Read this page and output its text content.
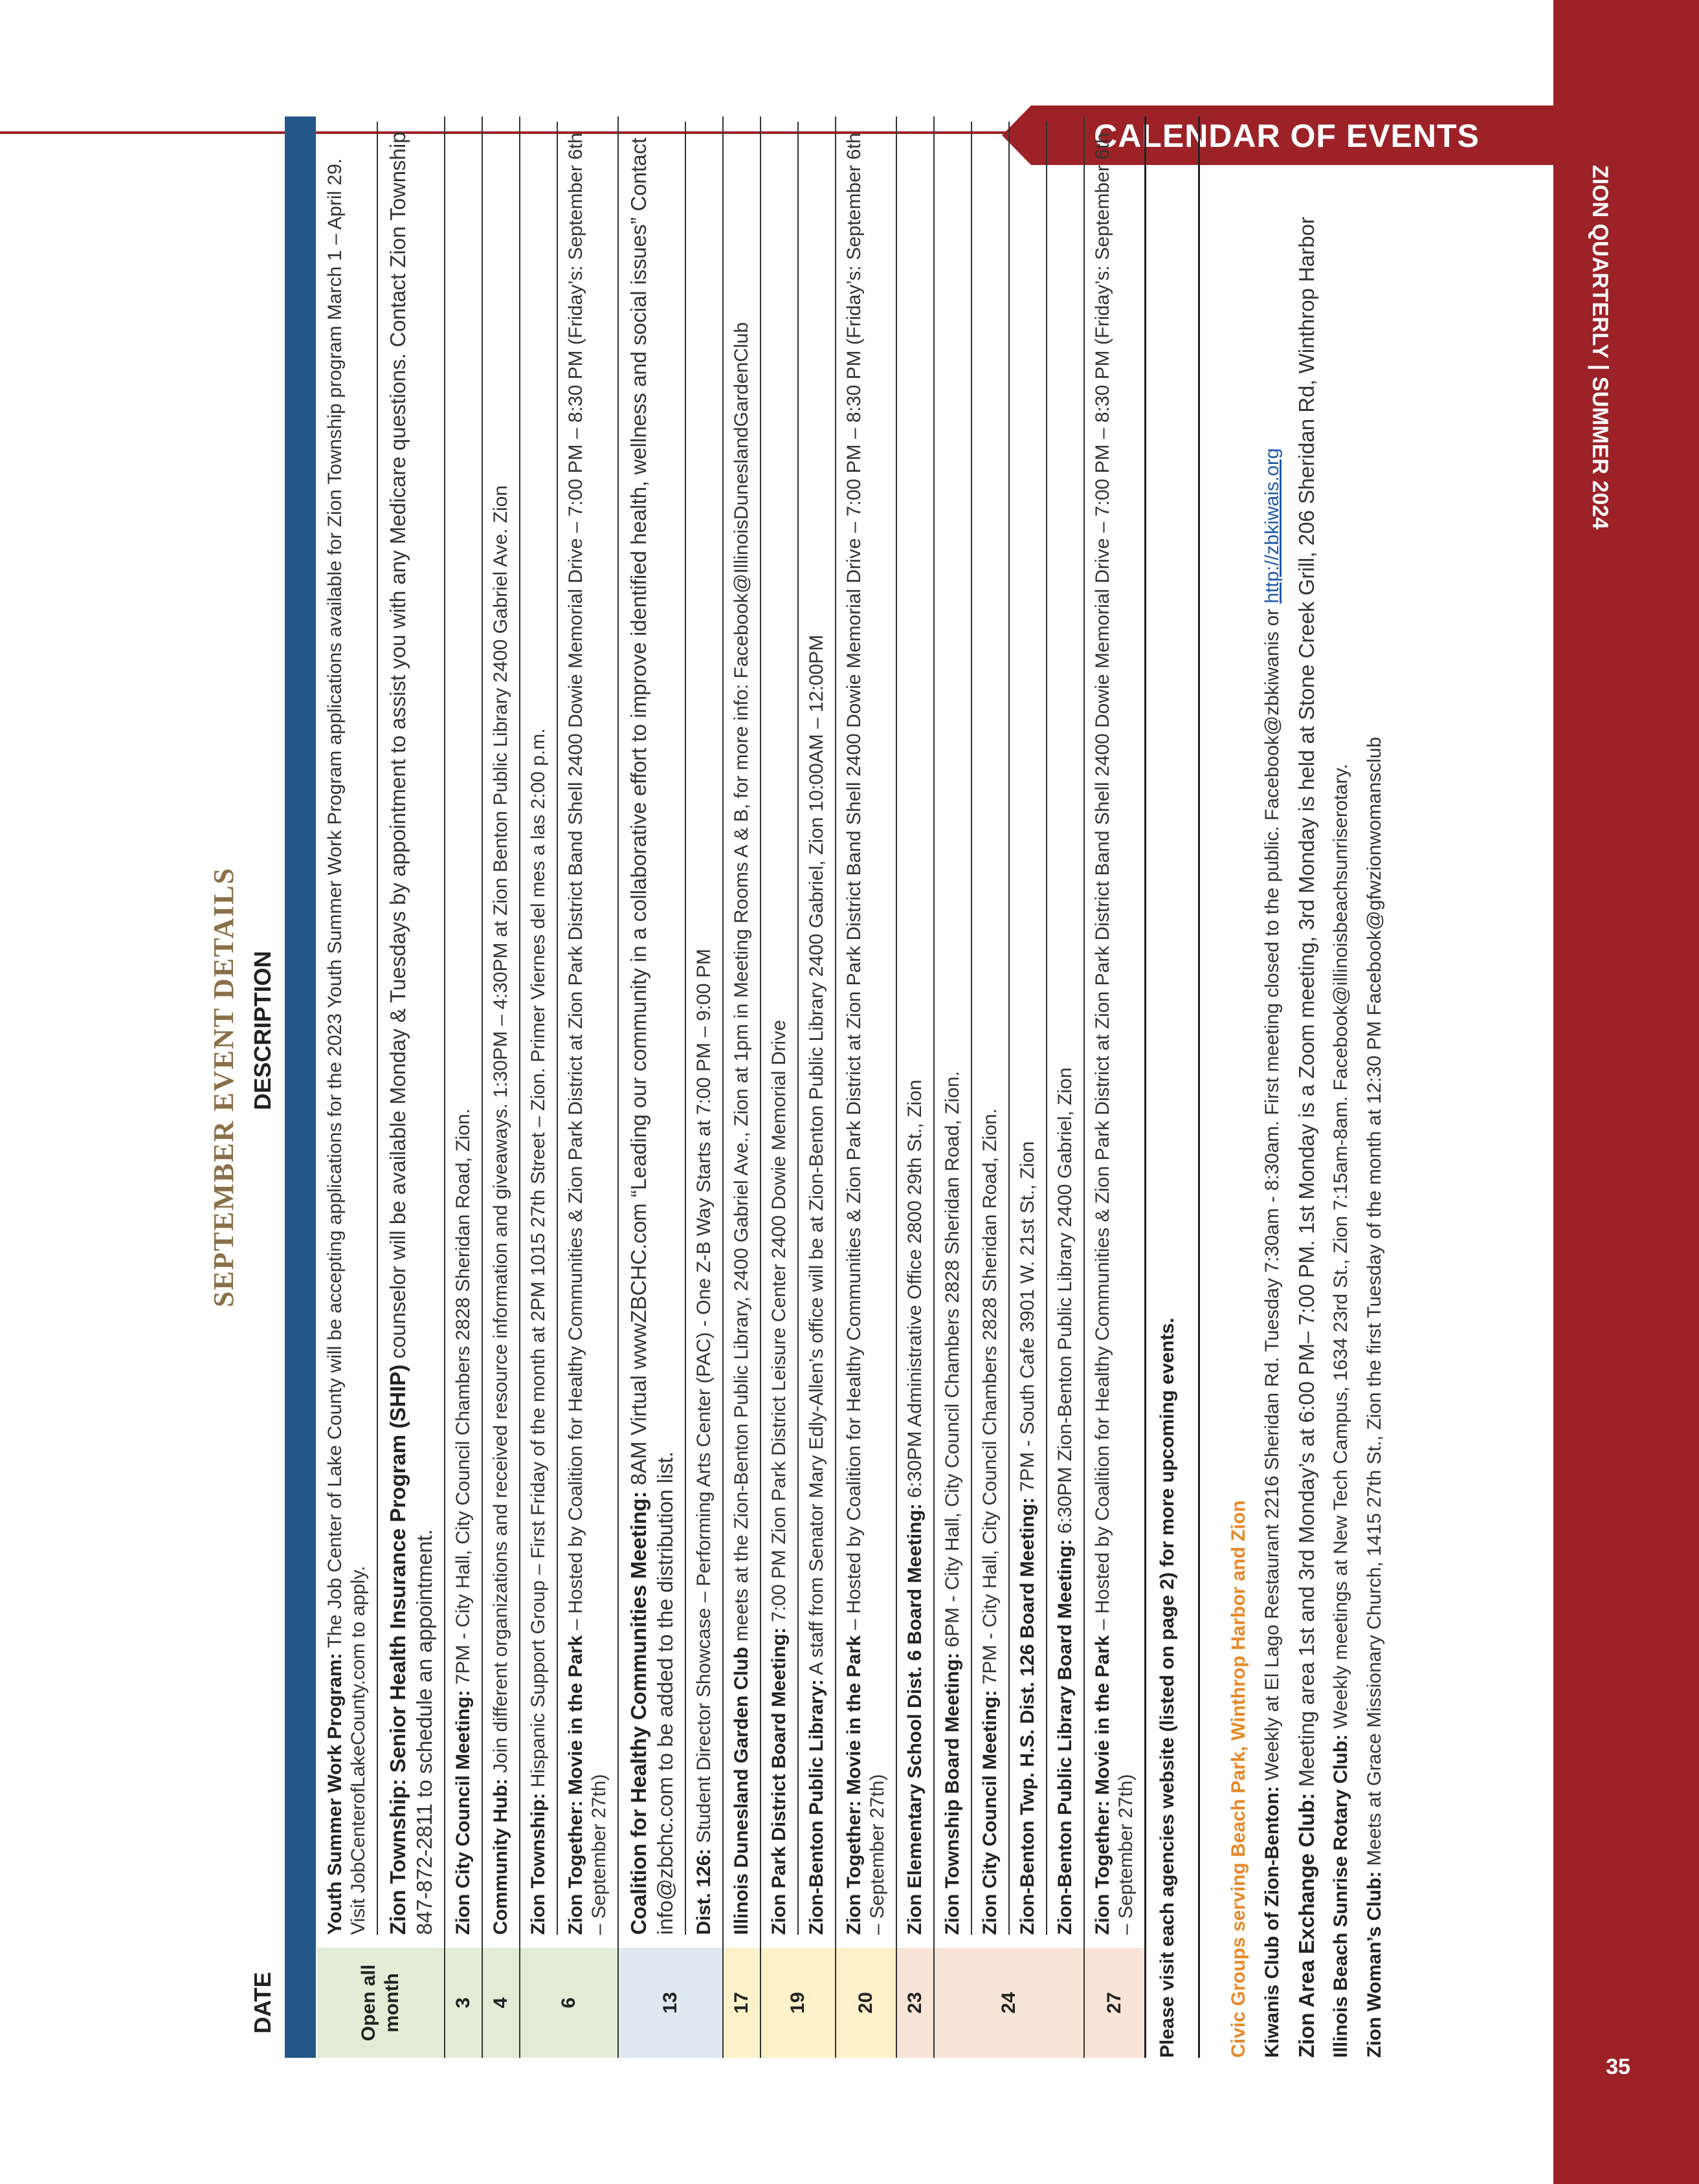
ZION QUARTERLY | SUMMER 2024
35
CALENDAR OF EVENTS
SEPTEMBER EVENT DETAILS
DATE
DESCRIPTION
Open all month
Youth Summer Work Program: The Job Center of Lake County will be accepting applications for the 2023 Youth Summer Work Program applications available for Zion Township program March 1 – April 29. Visit JobCenterofLakeCounty.com to apply. Zion Township: Senior Health Insurance Program (SHIP) counselor will be available Monday & Tuesdays by appointment to assist you with any Medicare questions. Contact Zion Township 847-872-2811 to schedule an appointment.
3
Zion City Council Meeting: 7PM - City Hall, City Council Chambers 2828 Sheridan Road, Zion.
4
Community Hub: Join different organizations and received resource information and giveaways. 1:30PM – 4:30PM at Zion Benton Public Library 2400 Gabriel Ave. Zion
6
Zion Township: Hispanic Support Group – First Friday of the month at 2PM 1015 27th Street – Zion. Primer Viernes del mes a las 2:00 p.m. Zion Together: Movie in the Park – Hosted by Coalition for Healthy Communities & Zion Park District at Zion Park District Band Shell 2400 Dowie Memorial Drive – 7:00 PM – 8:30 PM (Friday’s: September 6th – September 27th)
13
Coalition for Healthy Communities Meeting: 8AM Virtual wwwZBCHC.com “Leading our community in a collaborative effort to improve identified health, wellness and social issues” Contact info@zbchc.com to be added to the distribution list. Dist. 126: Student Director Showcase – Performing Arts Center (PAC) - One Z-B Way Starts at 7:00 PM – 9:00 PM
17
Illinois Dunesland Garden Club meets at the Zion-Benton Public Library, 2400 Gabriel Ave., Zion at 1pm in Meeting Rooms A & B, for more info: Facebook@IllinoisDuneslandGardenClub
19
Zion Park District Board Meeting: 7:00 PM Zion Park District Leisure Center 2400 Dowie Memorial Drive
Zion-Benton Public Library: A staff from Senator Mary Edly-Allen’s office will be at Zion-Benton Public Library 2400 Gabriel, Zion 10:00AM – 12:00PM
20
Zion Together: Movie in the Park – Hosted by Coalition for Healthy Communities & Zion Park District at Zion Park District Band Shell 2400 Dowie Memorial Drive – 7:00 PM – 8:30 PM (Friday’s: September 6th – September 27th)
23
Zion Elementary School Dist. 6 Board Meeting: 6:30PM Administrative Office 2800 29th St., Zion
24
Zion Township Board Meeting: 6PM - City Hall, City Council Chambers 2828 Sheridan Road, Zion.
Zion City Council Meeting: 7PM - City Hall, City Council Chambers 2828 Sheridan Road, Zion.
Zion-Benton Twp. H.S. Dist. 126 Board Meeting: 7PM - South Cafe 3901 W. 21st St., Zion
Zion-Benton Public Library Board Meeting: 6:30PM Zion-Benton Public Library 2400 Gabriel, Zion
27
Zion Together: Movie in the Park – Hosted by Coalition for Healthy Communities & Zion Park District at Zion Park District Band Shell 2400 Dowie Memorial Drive – 7:00 PM – 8:30 PM (Friday’s: September 6th – September 27th)	Please visit each agencies website (listed on page 2) for more upcoming events.	Civic Groups serving Beach Park, Winthrop Harbor and Zion Kiwanis Club of Zion-Benton: Weekly at El Lago Restaurant 2216 Sheridan Rd. Tuesday 7:30am - 8:30am. First meeting closed to the public. Facebook@zbkiwanis or http://zbkiwais.org
Zion Area Exchange Club: Meeting area 1st and 3rd Monday’s at 6:00 PM– 7:00 PM. 1st Monday is a Zoom meeting, 3rd Monday is held at Stone Creek Grill, 206 Sheridan Rd, Winthrop Harbor
Illinois Beach Sunrise Rotary Club: Weekly meetings at New Tech Campus, 1634 23rd St., Zion 7:15am-8am. Facebook@illinoisbeachsunriserotary.
Zion Woman’s Club: Meets at Grace Missionary Church, 1415 27th St., Zion the first Tuesday of the month at 12:30 PM Facebook@gfwzionwomansclub
